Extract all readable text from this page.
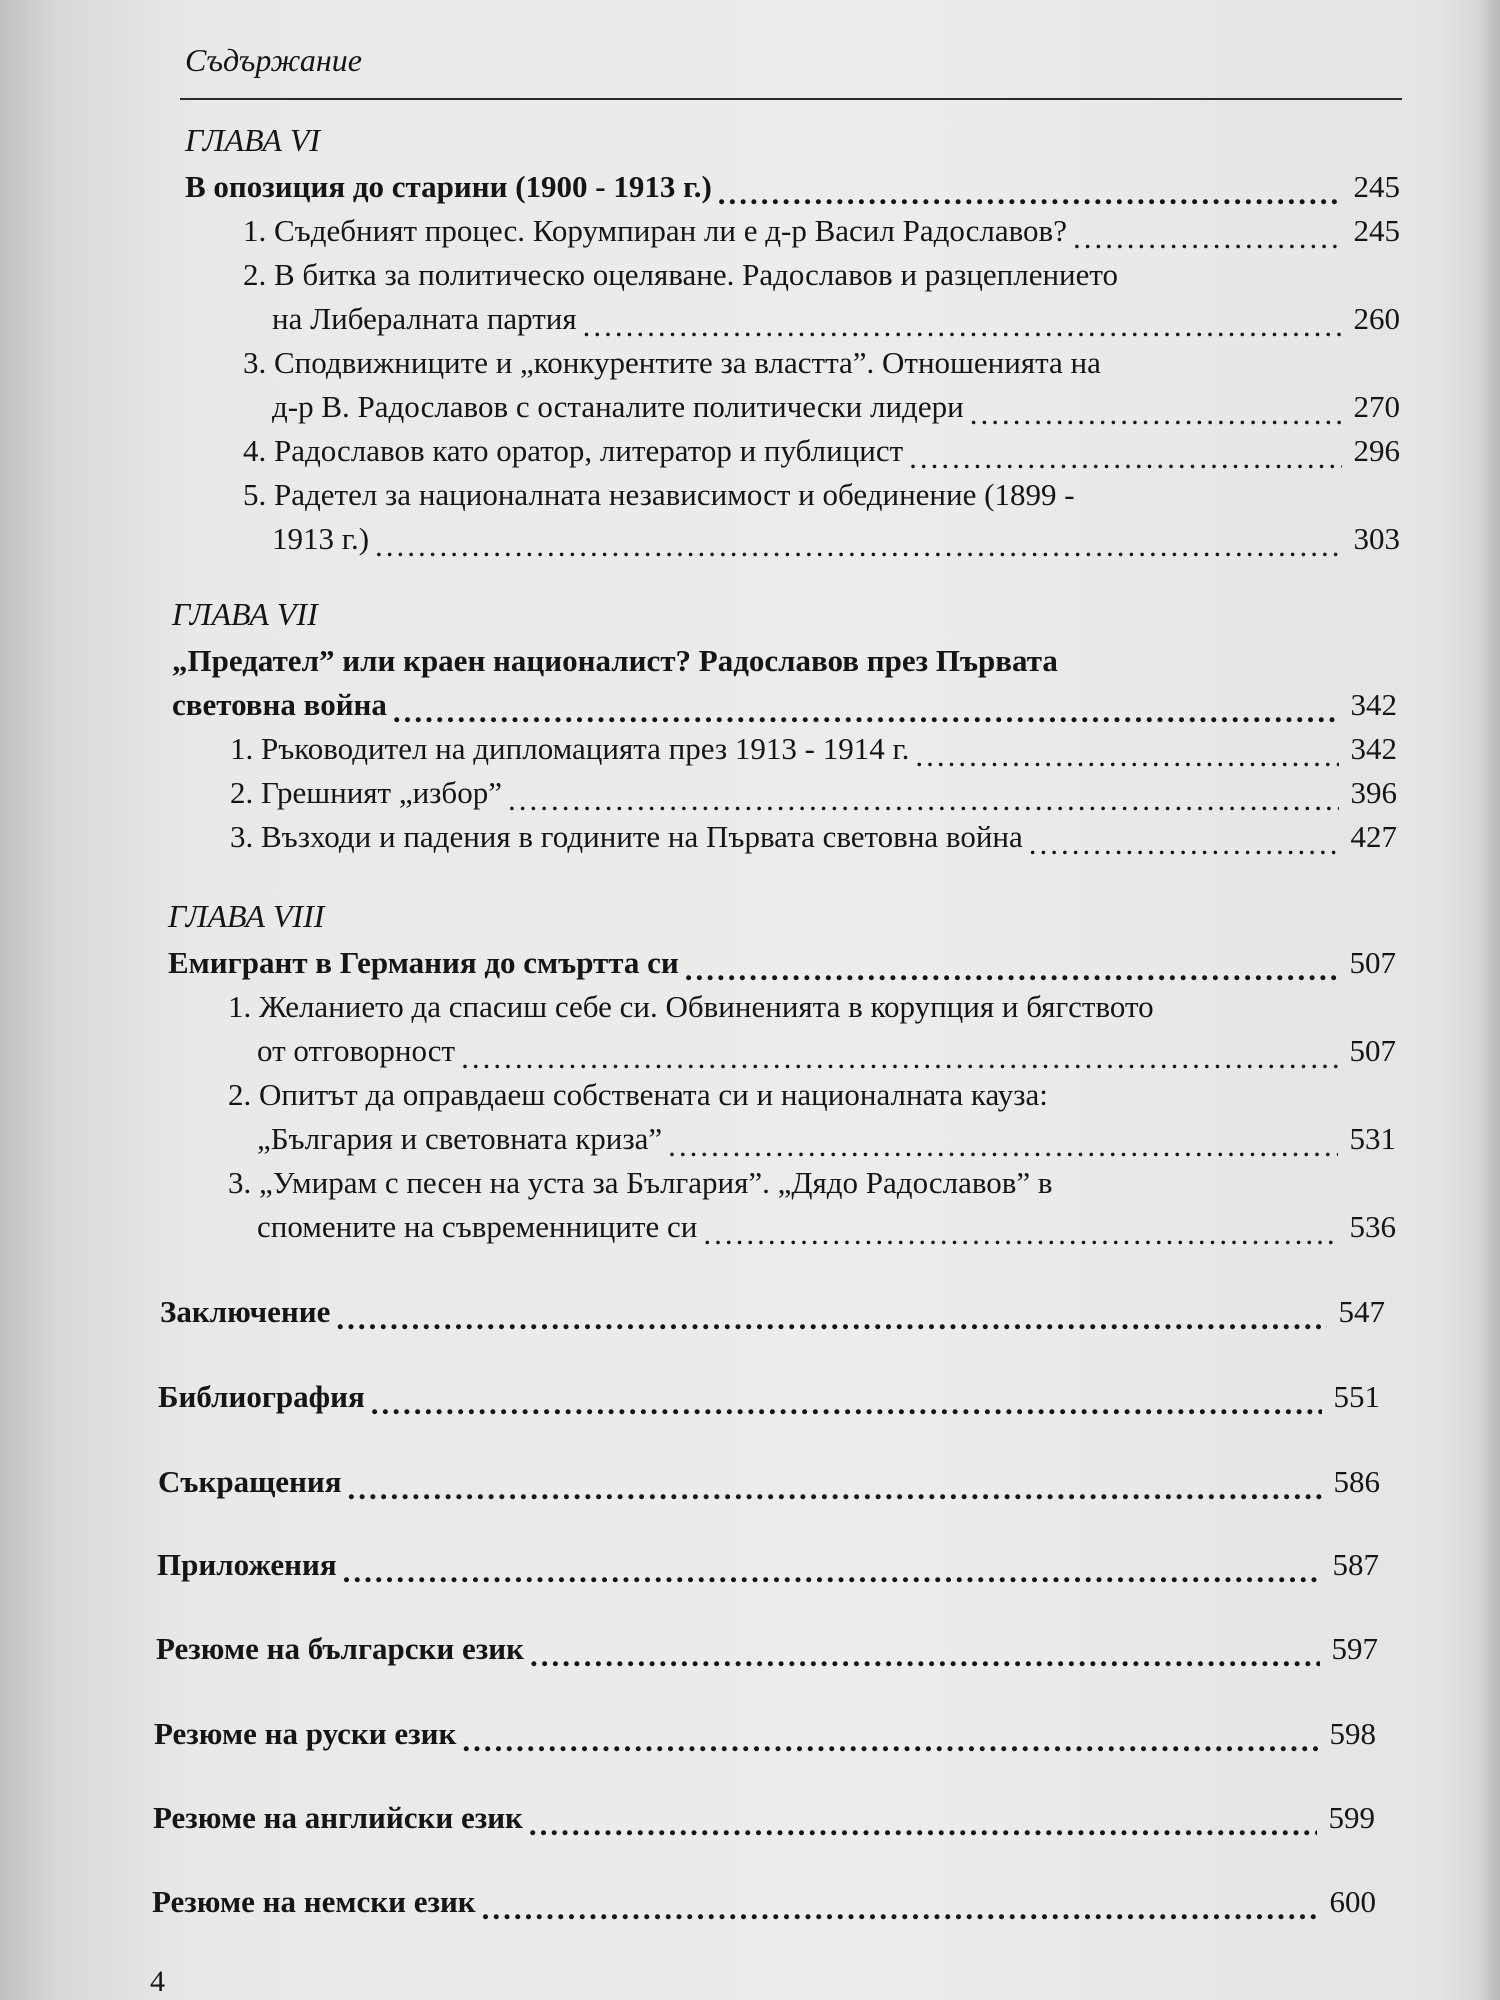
Съдържание
ГЛАВА VI
В опозиция до старини (1900 - 1913 г.) .....	245
1. Съдебният процес. Корумпиран ли е д-р Васил Радославов? .....	245
2. В битка за политическо оцеляване. Радославов и разцеплението
на Либералната партия .....	260
3. Сподвижниците и „конкурентите за властта”. Отношенията на
д-р В. Радославов с останалите политически лидери .....	270
4. Радославов като оратор, литератор и публицист .....	296
5. Радетел за националната независимост и обединение (1899 -
1913 г.) .....	303
ГЛАВА VII
„Предател” или краен националист? Радославов през Първата
световна война .....	342
1. Ръководител на дипломацията през 1913 - 1914 г. .....	342
2. Грешният „избор” .....	396
3. Възходи и падения в годините на Първата световна война .....	427
ГЛАВА VIII
Емигрант в Германия до смъртта си .....	507
1. Желанието да спасиш себе си. Обвиненията в корупция и бягството
от отговорност .....	507
2. Опитът да оправдаеш собствената си и националната кауза:
„България и световната криза” .....	531
3. „Умирам с песен на уста за България”. „Дядо Радославов” в
спомените на съвременниците си .....	536
Заключение .....	547
Библиография .....	551
Съкращения .....	586
Приложения .....	587
Резюме на български език .....	597
Резюме на руски език .....	598
Резюме на английски език .....	599
Резюме на немски език .....	600
4
